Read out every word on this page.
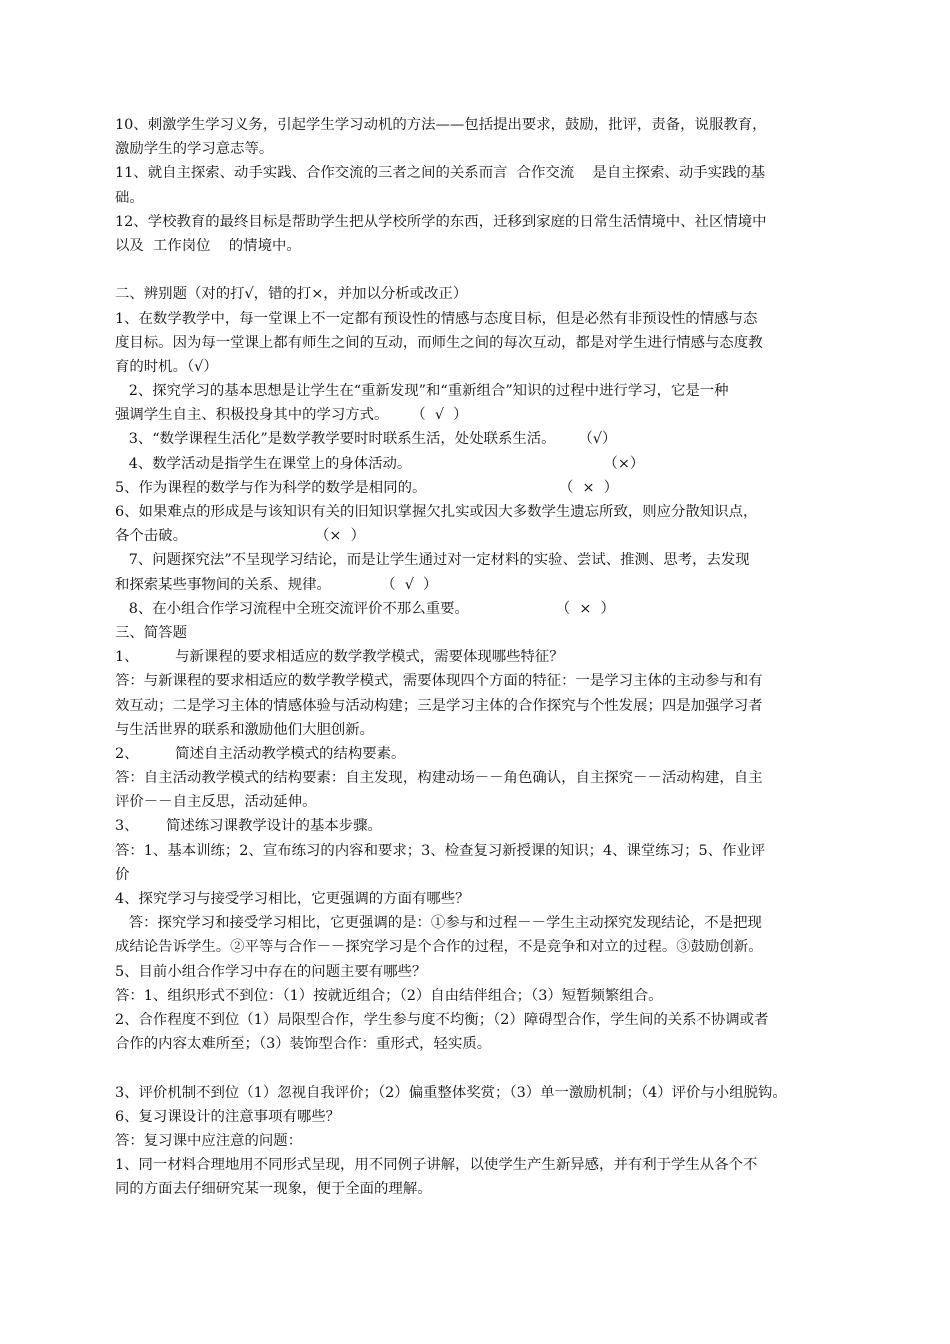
10、刺激学生学习义务，引起学生学习动机的方法——包括提出要求，鼓励，批评，责备，说服教育，
激励学生的学习意志等。
11、就自主探索、动手实践、合作交流的三者之间的关系而言  合作交流    是自主探索、动手实践的基
础。
12、学校教育的最终目标是帮助学生把从学校所学的东西，迁移到家庭的日常生活情境中、社区情境中
以及  工作岗位    的情境中。
二、辨别题（对的打√，错的打×，并加以分析或改正）
1、在数学教学中，每一堂课上不一定都有预设性的情感与态度目标，但是必然有非预设性的情感与态
度目标。因为每一堂课上都有师生之间的互动，而师生之间的每次互动，都是对学生进行情感与态度教
育的时机。（√）
2、探究学习的基本思想是让学生在“重新发现”和“重新组合”知识的过程中进行学习，它是一种
强调学生自主、积极投身其中的学习方式。     （  √  ）
3、“数学课程生活化”是数学教学要时时联系生活，处处联系生活。     （√）
4、数学活动是指学生在课堂上的身体活动。                                          （×）
5、作为课程的数学与作为科学的数学是相同的。                             （  ×  ）
6、如果难点的形成是与该知识有关的旧知识掌握欠扎实或因大多数学生遗忘所致，则应分散知识点，
各个击破。                            （×  ）
7、问题探究法”不呈现学习结论，而是让学生通过对一定材料的实验、尝试、推测、思考，去发现
和探索某些事物间的关系、规律。           （  √  ）
8、在小组合作学习流程中全班交流评价不那么重要。                   （  ×  ）
三、简答题
1、        与新课程的要求相适应的数学教学模式，需要体现哪些特征？
答：与新课程的要求相适应的数学教学模式，需要体现四个方面的特征：一是学习主体的主动参与和有
效互动；二是学习主体的情感体验与活动构建；三是学习主体的合作探究与个性发展；四是加强学习者
与生活世界的联系和激励他们大胆创新。
2、        简述自主活动教学模式的结构要素。
答：自主活动教学模式的结构要素：自主发现，构建动场－－角色确认，自主探究－－活动构建，自主
评价－－自主反思，活动延伸。
3、      简述练习课教学设计的基本步骤。
答：1、基本训练；2、宣布练习的内容和要求；3、检查复习新授课的知识；4、课堂练习；5、作业评
价
4、探究学习与接受学习相比，它更强调的方面有哪些？
答：探究学习和接受学习相比，它更强调的是：①参与和过程－－学生主动探究发现结论，不是把现
成结论告诉学生。②平等与合作－－探究学习是个合作的过程，不是竞争和对立的过程。③鼓励创新。
5、目前小组合作学习中存在的问题主要有哪些？
答：1、组织形式不到位：（1）按就近组合；（2）自由结伴组合；（3）短暂频繁组合。
2、合作程度不到位（1）局限型合作，学生参与度不均衡；（2）障碍型合作，学生间的关系不协调或者
合作的内容太难所至；（3）装饰型合作：重形式，轻实质。
3、评价机制不到位（1）忽视自我评价；（2）偏重整体奖赏；（3）单一激励机制；（4）评价与小组脱钩。
6、复习课设计的注意事项有哪些？
答：复习课中应注意的问题：
1、同一材料合理地用不同形式呈现，用不同例子讲解，以使学生产生新异感，并有利于学生从各个不
同的方面去仔细研究某一现象，便于全面的理解。
